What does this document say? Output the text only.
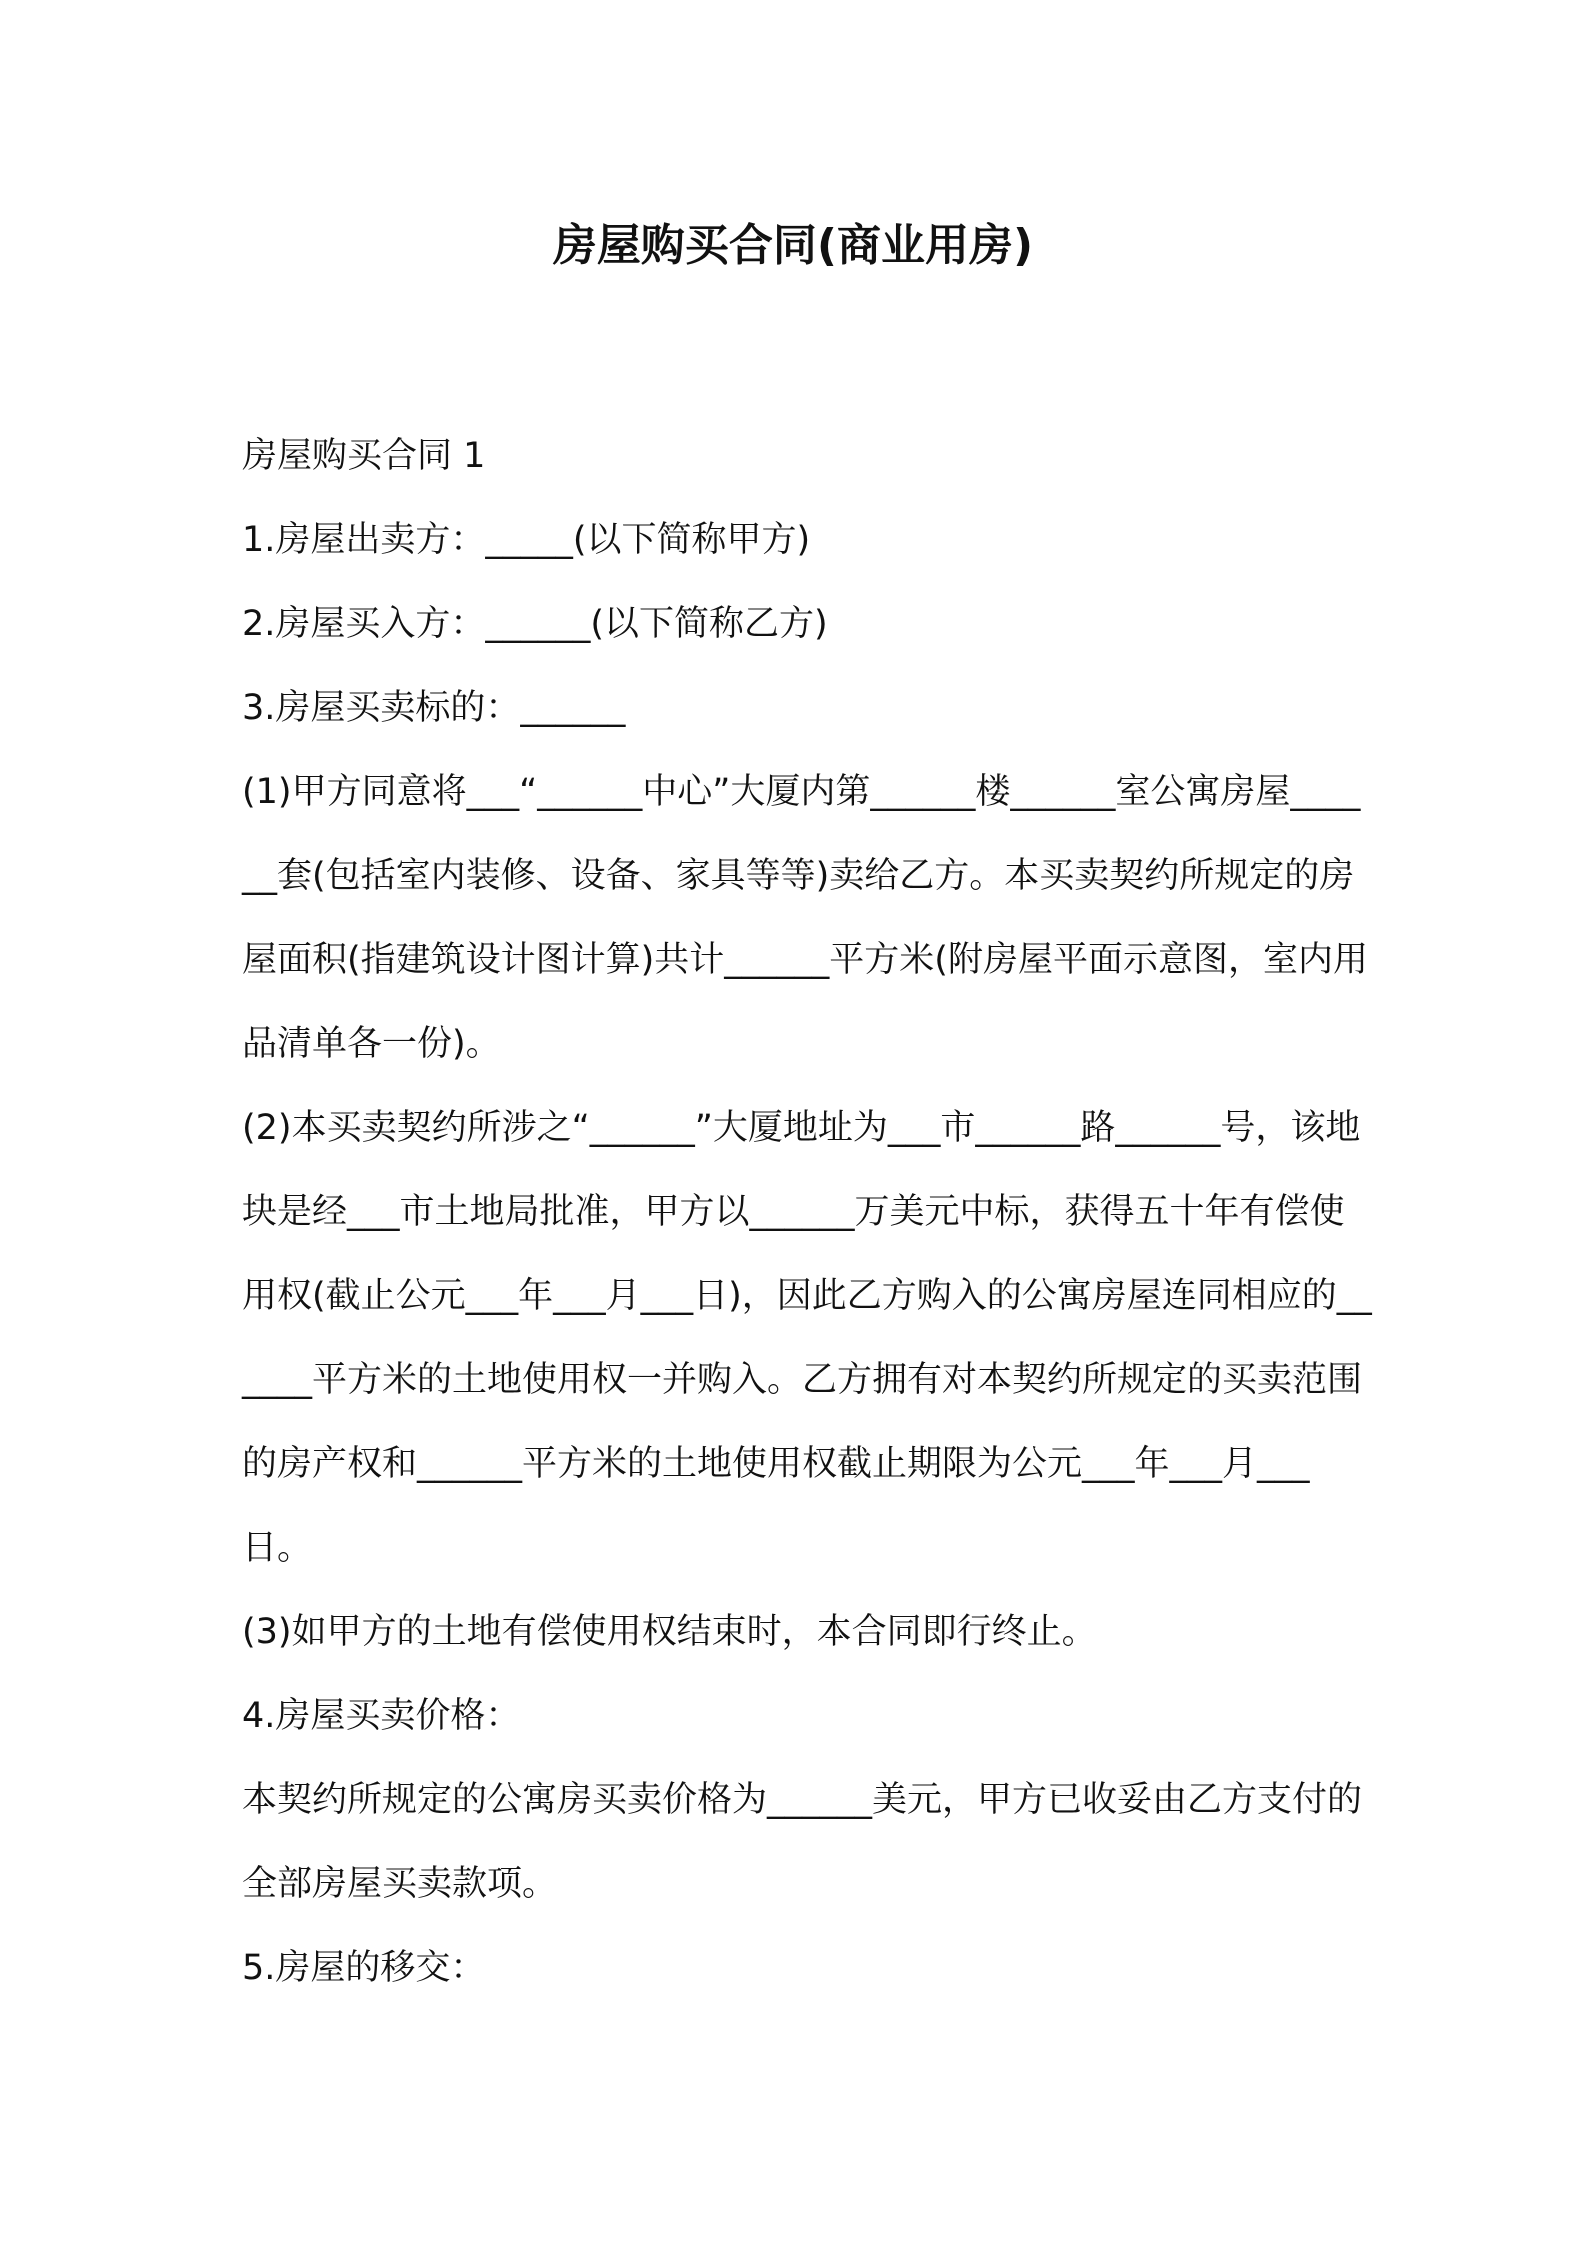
房屋购买合同(商业用房)

房屋购买合同 1

1.房屋出卖方：_____(以下简称甲方)

2.房屋买入方：______(以下简称乙方)

3.房屋买卖标的：______

(1)甲方同意将___“______中心”大厦内第______楼______室公寓房屋______套(包括室内装修、设备、家具等等)卖给乙方。本买卖契约所规定的房屋面积(指建筑设计图计算)共计______平方米(附房屋平面示意图，室内用品清单各一份)。

(2)本买卖契约所涉之“______”大厦地址为___市______路______号，该地块是经___市土地局批准，甲方以______万美元中标，获得五十年有偿使用权(截止公元___年___月___日)，因此乙方购入的公寓房屋连同相应的______平方米的土地使用权一并购入。乙方拥有对本契约所规定的买卖范围的房产权和______平方米的土地使用权截止期限为公元___年___月___日。

(3)如甲方的土地有偿使用权结束时，本合同即行终止。

4.房屋买卖价格：

本契约所规定的公寓房买卖价格为______美元，甲方已收妥由乙方支付的全部房屋买卖款项。

5.房屋的移交：
